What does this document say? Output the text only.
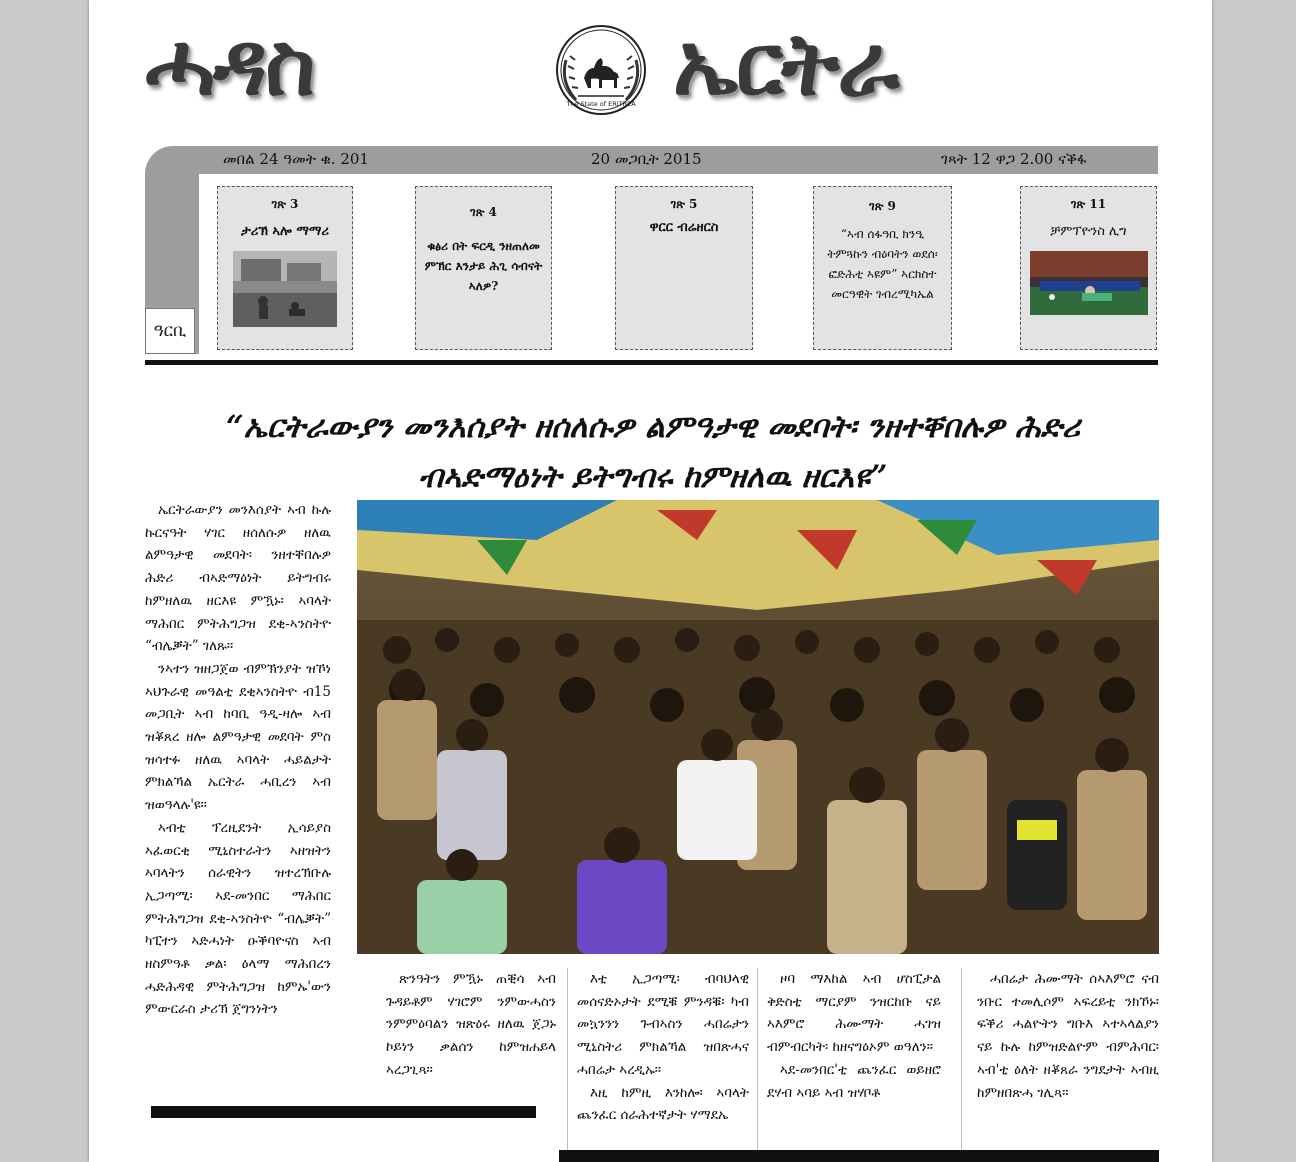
ሓዳስ	The State of ERITREA ኤርትራ
መበል 24 ዓመት ቁ. 201	20 መጋቢት 2015	ገጻት 12 ዋጋ 2.00 ናቕፋ
ዓርቢ
ገጽ 3
ታሪኽ ኣሎ ማማሪ
ገጽ 4
ቁፅሪ በት ፍርዲ ንዘጠለመ ምኽር እንታይ ሕጊ ሳብናት ኣለዎ?
ገጽ 5
ዋርር ብሬዘርስ
ገጽ 9
“ኣብ ሰፋዓቢ ክንዒ ትምጓኩን ብዕባትን ወደሰ፡ ፎድሕቲ ኣዩም” ኣርክስተ መርዓዊት ገብረሚካኤል
ገጽ 11
ቻምፕዮንስ ሊግ
“ኤርትራውያን መንእሰያት ዘሰለሱዎ ልምዓታዊ መደባት፡ ንዘተቐበሉዎ ሕድሪ ብኣድማዕነት ይትግብሩ ከምዘለዉ ዘርእዩ”

ኤርትራውያን መንእሰያት ኣብ ኩሉ ኩርናዓት ሃገር ዘሰለሱዎ ዘለዉ ልምዓታዊ መደባት፡ ንዘተቐበሉዎ ሕድሪ ብኣድማዕነት ይትግብሩ ከምዘለዉ ዘርእዩ ምዃኑ፡ ኣባላት ማሕበር ምትሕግጋዝ ደቂ-ኣንስትዮ “ብሌቓት” ገለጹ።

ንኣተን ዝዘጋጀወ ብምኽንያት ዝኾነ ኣህጉራዊ መዓልቲ ደቂኣንስትዮ ብ15 መጋቢት ኣብ ከባቢ ዓዲ-ዛሎ ኣብ ዝቖጸረ ዘሎ ልምዓታዊ መደባት ምስ ዝሳተፉ ዘለዉ ኣባላት ሓይልታት ምክልኻል ኤርትራ ሓቢረን ኣብ ዝወዓላሉ'ዩ።

ኣብቲ ፕረዚደንት ኢሳይያስ ኣፈወርቂ ሚኒስተራትን ኣዘዝትን ኣባላትን ሰራዊትን ዝተረኽቡሉ ኢጋጣሚ፡ ኣደ-መንበር ማሕበር ምትሕግጋዝ ደቂ-ኣንስትዮ “ብሌቓት” ካፒተን ኣድሓነት ዑቕባዮናስ ኣብ ዘስምዓቶ ቃል፡ ዕላማ ማሕበረን ሓድሕዳዊ ምትሕግጋዝ ከምኡ'ውን ምውርራስ ታሪኽ ጀግንነትን

ጽንዓትን ምዃኑ ጠቒሳ ኣብ ጉዳይቶም ሃገሮም ንምውሓስን ንምምዕባልን ዝጽዕሩ ዘለዉ ጀጋኑ ኮይነን ቃልሰን ከምዝሐይላ ኣረጋጊጻ።

እቲ ኢጋጣሚ፡ ብባህላዊ መሰናድኦታት ደሚቑ ምንዳቑ፡ ካብ መኳንንን ጉብኣስን ሓበሬታን ሚኒስትሪ ምክልኻል ዝበጽሓና ሓበሬታ ኣረዲኡ።

እዚ ከምዚ እንከሎ፡ ኣባላት ጨንፈር ሰራሕተኛታት ሃማደኤ

ዞባ ማእከል ኣብ ሆስፒታል ቅድስቲ ማርያም ንዝርከቡ ናይ ኣእምሮ ሕሙማት ሓገዝ ብምብርካት፡ ከዘናግዕኦም ወዓለን።

ኣደ-መንበር'ቲ ጨንፈር ወይዘሮ ደሃብ ኣባይ ኣብ ዝሃቦቶ

ሓበሬታ ሕሙማት ሰኣእምሮ ናብ ንቡር ተመሊሶም ኣፍረይቲ ንክኾኑ፡ ፍቕሪ ሓልዮትን ግቡእ ኣተኣላልያን ናይ ኩሉ ከምዝድልዮም ብምሕባር፡ ኣብ'ቲ ዕለት ዘቖጸራ ንግደታት ኣብዚ ከምዘበጽሓ ገሊጻ።
